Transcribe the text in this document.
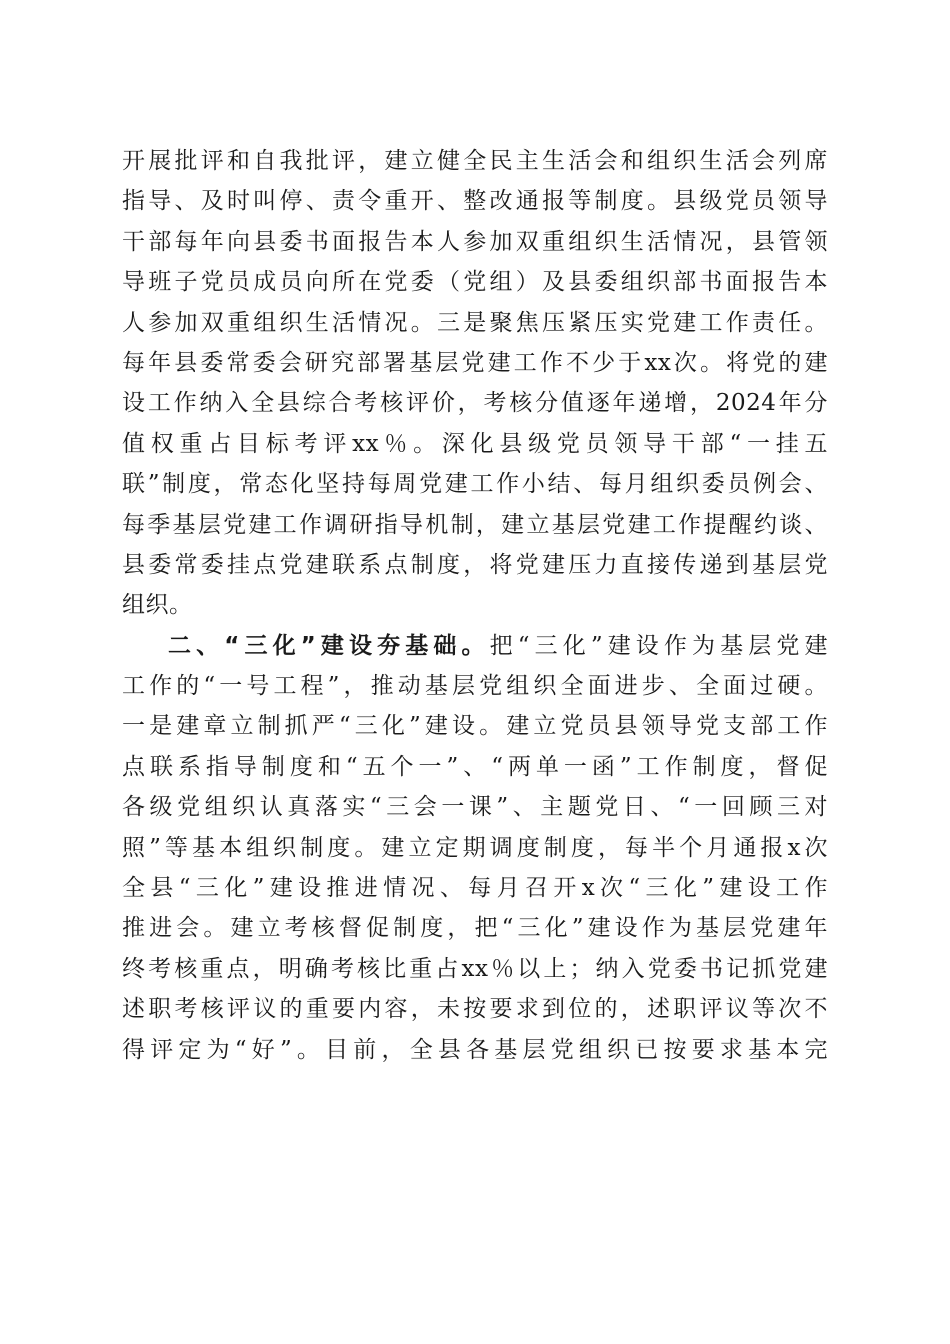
开展批评和自我批评，建立健全民主生活会和组织生活会列席
指导、及时叫停、责令重开、整改通报等制度。县级党员领导
干部每年向县委书面报告本人参加双重组织生活情况，县管领
导班子党员成员向所在党委（党组）及县委组织部书面报告本
人参加双重组织生活情况。三是聚焦压紧压实党建工作责任。
每年县委常委会研究部署基层党建工作不少于xx次。将党的建
设工作纳入全县综合考核评价，考核分值逐年递增，2024年分
值权重占目标考评xx％。深化县级党员领导干部“一挂五
联”制度，常态化坚持每周党建工作小结、每月组织委员例会、
每季基层党建工作调研指导机制，建立基层党建工作提醒约谈、
县委常委挂点党建联系点制度，将党建压力直接传递到基层党
组织。
二、“三化”建设夯基础。把“三化”建设作为基层党建
工作的“一号工程”，推动基层党组织全面进步、全面过硬。
一是建章立制抓严“三化”建设。建立党员县领导党支部工作
点联系指导制度和“五个一”、“两单一函”工作制度，督促
各级党组织认真落实“三会一课”、主题党日、“一回顾三对
照”等基本组织制度。建立定期调度制度，每半个月通报x次
全县“三化”建设推进情况、每月召开x次“三化”建设工作
推进会。建立考核督促制度，把“三化”建设作为基层党建年
终考核重点，明确考核比重占xx％以上；纳入党委书记抓党建
述职考核评议的重要内容，未按要求到位的，述职评议等次不
得评定为“好”。目前，全县各基层党组织已按要求基本完
